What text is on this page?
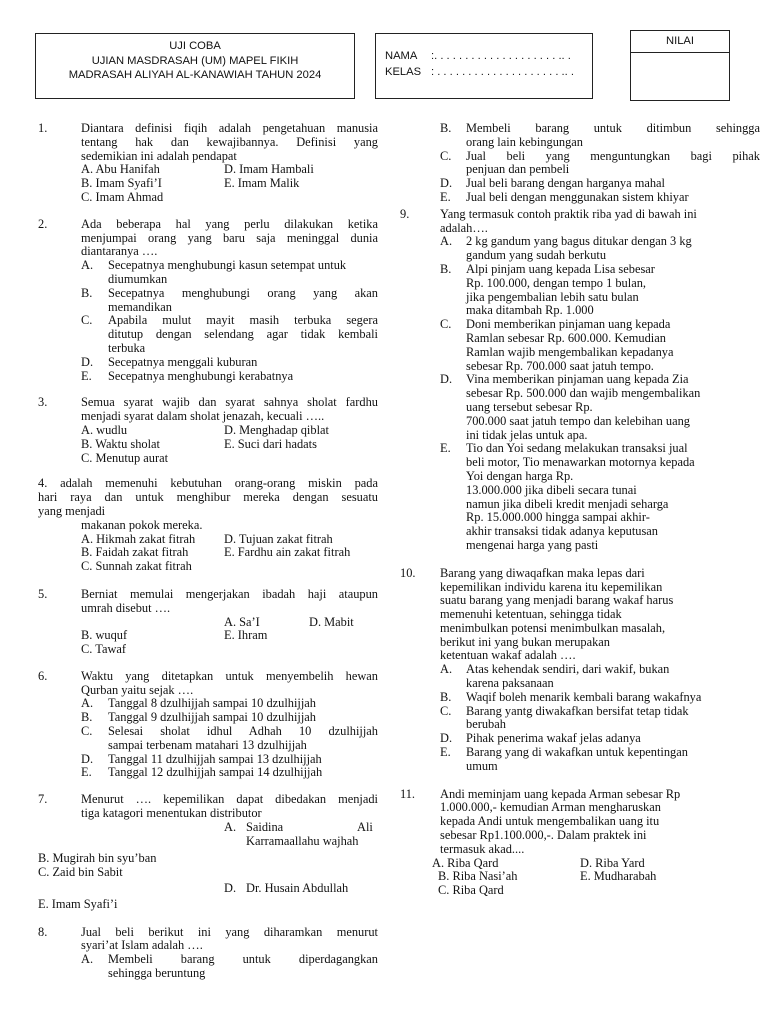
UJI COBA
UJIAN MASDRASAH (UM) MAPEL FIKIH
MADRASAH ALIYAH AL-KANAWIAH TAHUN 2024
NAMA :. . . . . . . . . . . . . . . . . . . . .. .
KELAS : . . . . . . . . . . . . . . . . . . . . .. .
NILAI
1.	Diantara definisi fiqih adalah pengetahuan manusia
tentang hak dan kewajibannya. Definisi yang
sedemikian ini adalah pendapat
A. Abu Hanifah	D. Imam Hambali
B. Imam Syafi’I	E. Imam Malik
C. Imam Ahmad
2.	Ada beberapa hal yang perlu dilakukan ketika
menjumpai orang yang baru saja meninggal dunia
diantaranya ….
A. Secepatnya menghubungi kasun setempat untuk
diumumkan
B. Secepatnya menghubungi orang yang akan
memandikan
C. Apabila mulut mayit masih terbuka segera
ditutup dengan selendang agar tidak kembali
terbuka
D. Secepatnya menggali kuburan
E. Secepatnya menghubungi kerabatnya
3.	Semua syarat wajib dan syarat sahnya sholat fardhu
menjadi syarat dalam sholat jenazah, kecuali …..
A. wudlu	D. Menghadap qiblat
B. Waktu sholat	E. Suci dari hadats
C. Menutup aurat
4. adalah memenuhi kebutuhan orang-orang miskin pada
hari raya dan untuk menghibur mereka dengan sesuatu
yang menjadi
makanan pokok mereka.
A. Hikmah zakat fitrah D. Tujuan zakat fitrah
B. Faidah zakat fitrah	E. Fardhu ain zakat fitrah
C. Sunnah zakat fitrah
5.	Berniat memulai mengerjakan ibadah haji ataupun
umrah disebut ….
A. Sa’I	D. Mabit
B. wuquf	E. Ihram
C. Tawaf
6.	Waktu yang ditetapkan untuk menyembelih hewan
Qurban yaitu sejak ….
A. Tanggal 8 dzulhijjah sampai 10 dzulhijjah
B. Tanggal 9 dzulhijjah sampai 10 dzulhijjah
C. Selesai sholat idhul Adhah 10 dzulhijjah
sampai terbenam matahari 13 dzulhijjah
D. Tanggal 11 dzulhijjah sampai 13 dzulhijjah
E. Tanggal 12 dzulhijjah sampai 14 dzulhijjah
7.	Menurut …. kepemilikan dapat dibedakan menjadi
tiga katagori menentukan distributor
A. Saidina	Ali
Karramaallahu wajhah
B. Mugirah bin syu’ban
C. Zaid bin Sabit
D. Dr. Husain Abdullah
E. Imam Syafi’i
8.	Jual beli berikut ini yang diharamkan menurut
syari’at Islam adalah ….
A. Membeli barang untuk diperdagangkan
sehingga beruntung
B. Membeli barang untuk ditimbun sehingga
orang lain kebingungan
C. Jual beli yang menguntungkan bagi pihak
penjuan dan pembeli
D. Jual beli barang dengan harganya mahal
E. Jual beli dengan menggunakan sistem khiyar
9. Yang termasuk contoh praktik riba yad di bawah ini
adalah….
A. 2 kg gandum yang bagus ditukar dengan 3 kg
gandum yang sudah berkutu
B. Alpi pinjam uang kepada Lisa sebesar
Rp. 100.000, dengan tempo 1 bulan,
jika pengembalian lebih satu bulan
maka ditambah Rp. 1.000
C. Doni memberikan pinjaman uang kepada
Ramlan sebesar Rp. 600.000. Kemudian
Ramlan wajib mengembalikan kepadanya
sebesar Rp. 700.000 saat jatuh tempo.
D. Vina memberikan pinjaman uang kepada Zia
sebesar Rp. 500.000 dan wajib mengembalikan
uang tersebut sebesar Rp.
700.000 saat jatuh tempo dan kelebihan uang
ini tidak jelas untuk apa.
E. Tio dan Yoi sedang melakukan transaksi jual
beli motor, Tio menawarkan motornya kepada
Yoi dengan harga Rp.
13.000.000 jika dibeli secara tunai
namun jika dibeli kredit menjadi seharga
Rp. 15.000.000 hingga sampai akhir-
akhir transaksi tidak adanya keputusan
mengenai harga yang pasti
10. Barang yang diwaqafkan maka lepas dari
kepemilikan individu karena itu kepemilikan
suatu barang yang menjadi barang wakaf harus
memenuhi ketentuan, sehingga tidak
menimbulkan potensi menimbulkan masalah,
berikut ini yang bukan merupakan
ketentuan wakaf adalah ….
A. Atas kehendak sendiri, dari wakif, bukan
karena paksanaan
B. Waqif boleh menarik kembali barang wakafnya
C. Barang yantg diwakafkan bersifat tetap tidak
berubah
D. Pihak penerima wakaf jelas adanya
E. Barang yang di wakafkan untuk kepentingan
umum
11. Andi meminjam uang kepada Arman sebesar Rp
1.000.000,- kemudian Arman mengharuskan
kepada Andi untuk mengembalikan uang itu
sebesar Rp1.100.000,-. Dalam praktek ini
termasuk akad....
A. Riba Qard	D. Riba Yard
B. Riba Nasi’ah	E. Mudharabah
C. Riba Qard
